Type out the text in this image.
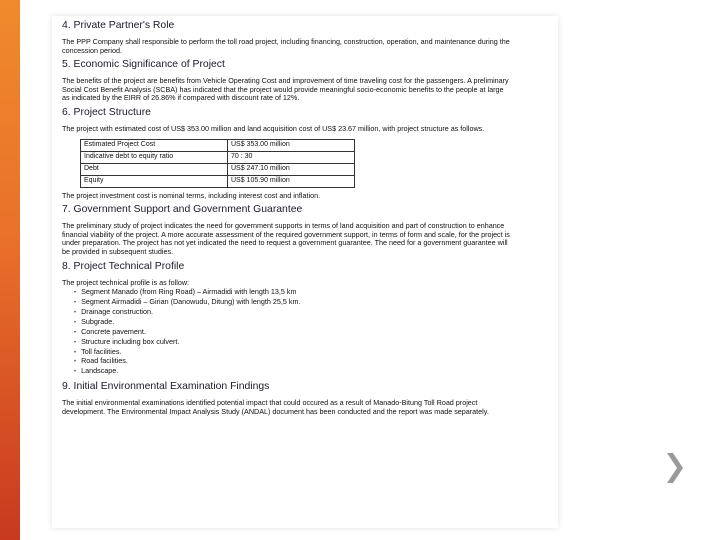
4. Private Partner's Role

The PPP Company shall responsible to perform the toll road project, including financing, construction, operation, and maintenance during the concession period.

5. Economic Significance of Project

The benefits of the project are benefits from Vehicle Operating Cost and improvement of time traveling cost for the passengers. A preliminary Social Cost Benefit Analysis (SCBA) has indicated that the project would provide meaningful socio-economic benefits to the people at large as indicated by the EIRR of 26.86% if compared with discount rate of 12%.

6. Project Structure

The project with estimated cost of US$ 353.00 million and land acquisition cost of US$ 23.67 million, with project structure as follows.

Estimated Project Cost	US$ 353.00 million
Indicative debt to equity ratio	70 : 30
Debt	US$ 247.10 million
Equity	US$ 105.90 million

The project investment cost is nominal terms, including interest cost and inflation.

7. Government Support and Government Guarantee

The preliminary study of project indicates the need for government supports in terms of land acquisition and part of construction to enhance financial viability of the project. A more accurate assessment of the required government support, in terms of form and scale, for the project is under preparation. The project has not yet indicated the need to request a government guarantee. The need for a government guarantee will be provided in subsequent studies.

8. Project Technical Profile

The project technical profile is as follow:

• Segment Manado (from Ring Road) – Airmadidi with length 13,5 km
• Segment Airmadidi – Girian (Danowudu, Ditung) with length 25,5 km.
• Drainage construction.
• Subgrade.
• Concrete pavement.
• Structure including box culvert.
• Toll facilities.
• Road facilities.
• Landscape.
9. Initial Environmental Examination Findings

The initial environmental examinations identified potential impact that could occured as a result of Manado-Bitung Toll Road project development. The Environmental Impact Analysis Study (ANDAL) document has been conducted and the report was made separately.
